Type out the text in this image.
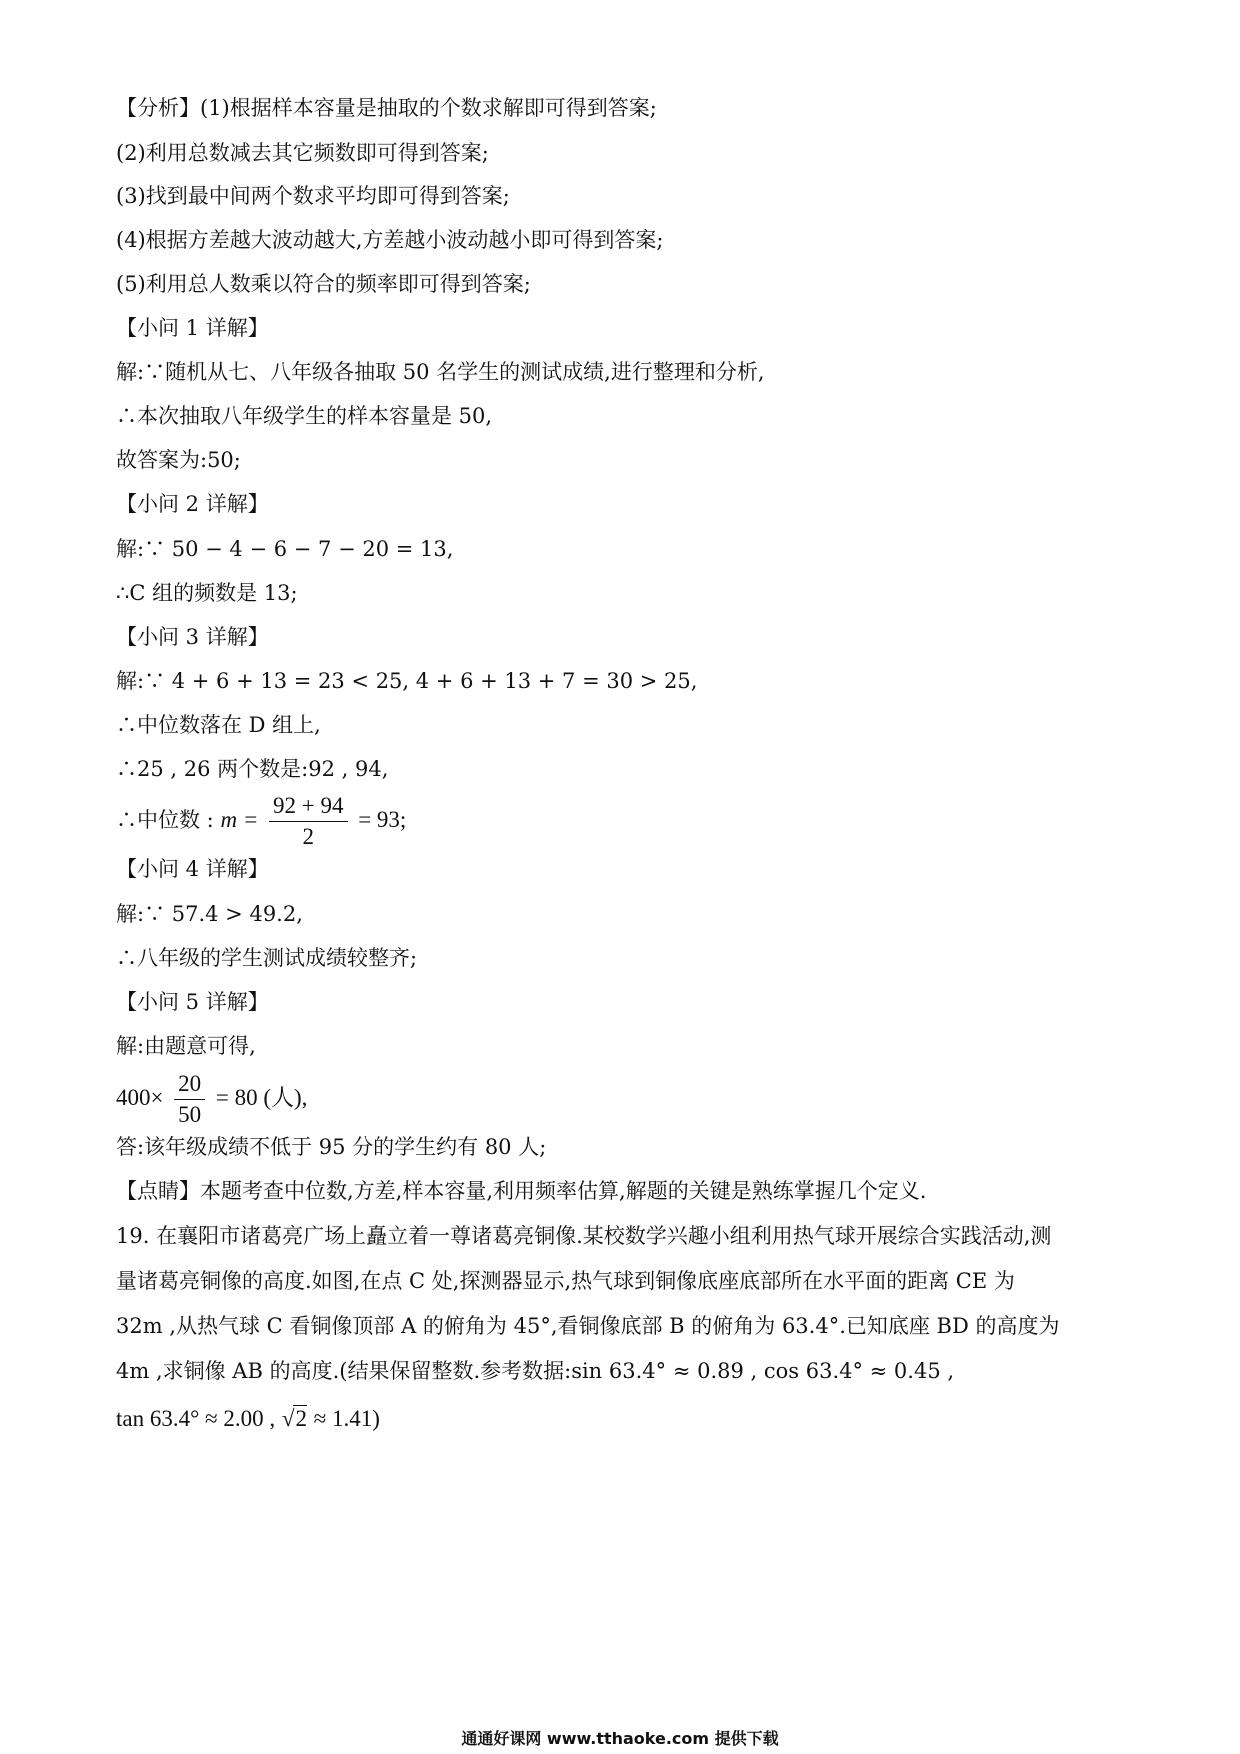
【分析】(1)根据样本容量是抽取的个数求解即可得到答案;
(2)利用总数减去其它频数即可得到答案;
(3)找到最中间两个数求平均即可得到答案;
(4)根据方差越大波动越大,方差越小波动越小即可得到答案;
(5)利用总人数乘以符合的频率即可得到答案;
【小问 1 详解】
解:∵随机从七、八年级各抽取 50 名学生的测试成绩,进行整理和分析,
∴本次抽取八年级学生的样本容量是 50,
故答案为:50;
【小问 2 详解】
解:∵ 50 − 4 − 6 − 7 − 20 = 13,
∴C 组的频数是 13;
【小问 3 详解】
解:∵ 4 + 6 + 13 = 23 < 25, 4 + 6 + 13 + 7 = 30 > 25,
∴中位数落在 D 组上,
∴25 , 26 两个数是:92 , 94,
∴中位数 : $m = \frac{92 + 94}{2} = 93$;
【小问 4 详解】
解:∵ 57.4 > 49.2,
∴八年级的学生测试成绩较整齐;
【小问 5 详解】
解:由题意可得,
$400\times \frac{20}{50} = 80$ (人),
答:该年级成绩不低于 95 分的学生约有 80 人;
【点睛】本题考查中位数,方差,样本容量,利用频率估算,解题的关键是熟练掌握几个定义.
19. 在襄阳市诸葛亮广场上矗立着一尊诸葛亮铜像.某校数学兴趣小组利用热气球开展综合实践活动,测
量诸葛亮铜像的高度.如图,在点 C 处,探测器显示,热气球到铜像底座底部所在水平面的距离 CE 为
32m ,从热气球 C 看铜像顶部 A 的俯角为 45°,看铜像底部 B 的俯角为 63.4°.已知底座 BD 的高度为
4m ,求铜像 AB 的高度.(结果保留整数.参考数据:sin 63.4° ≈ 0.89 , cos 63.4° ≈ 0.45 ,
tan 63.4° ≈ 2.00 , √2 ≈ 1.41)
通通好课网 www.tthaoke.com 提供下载
